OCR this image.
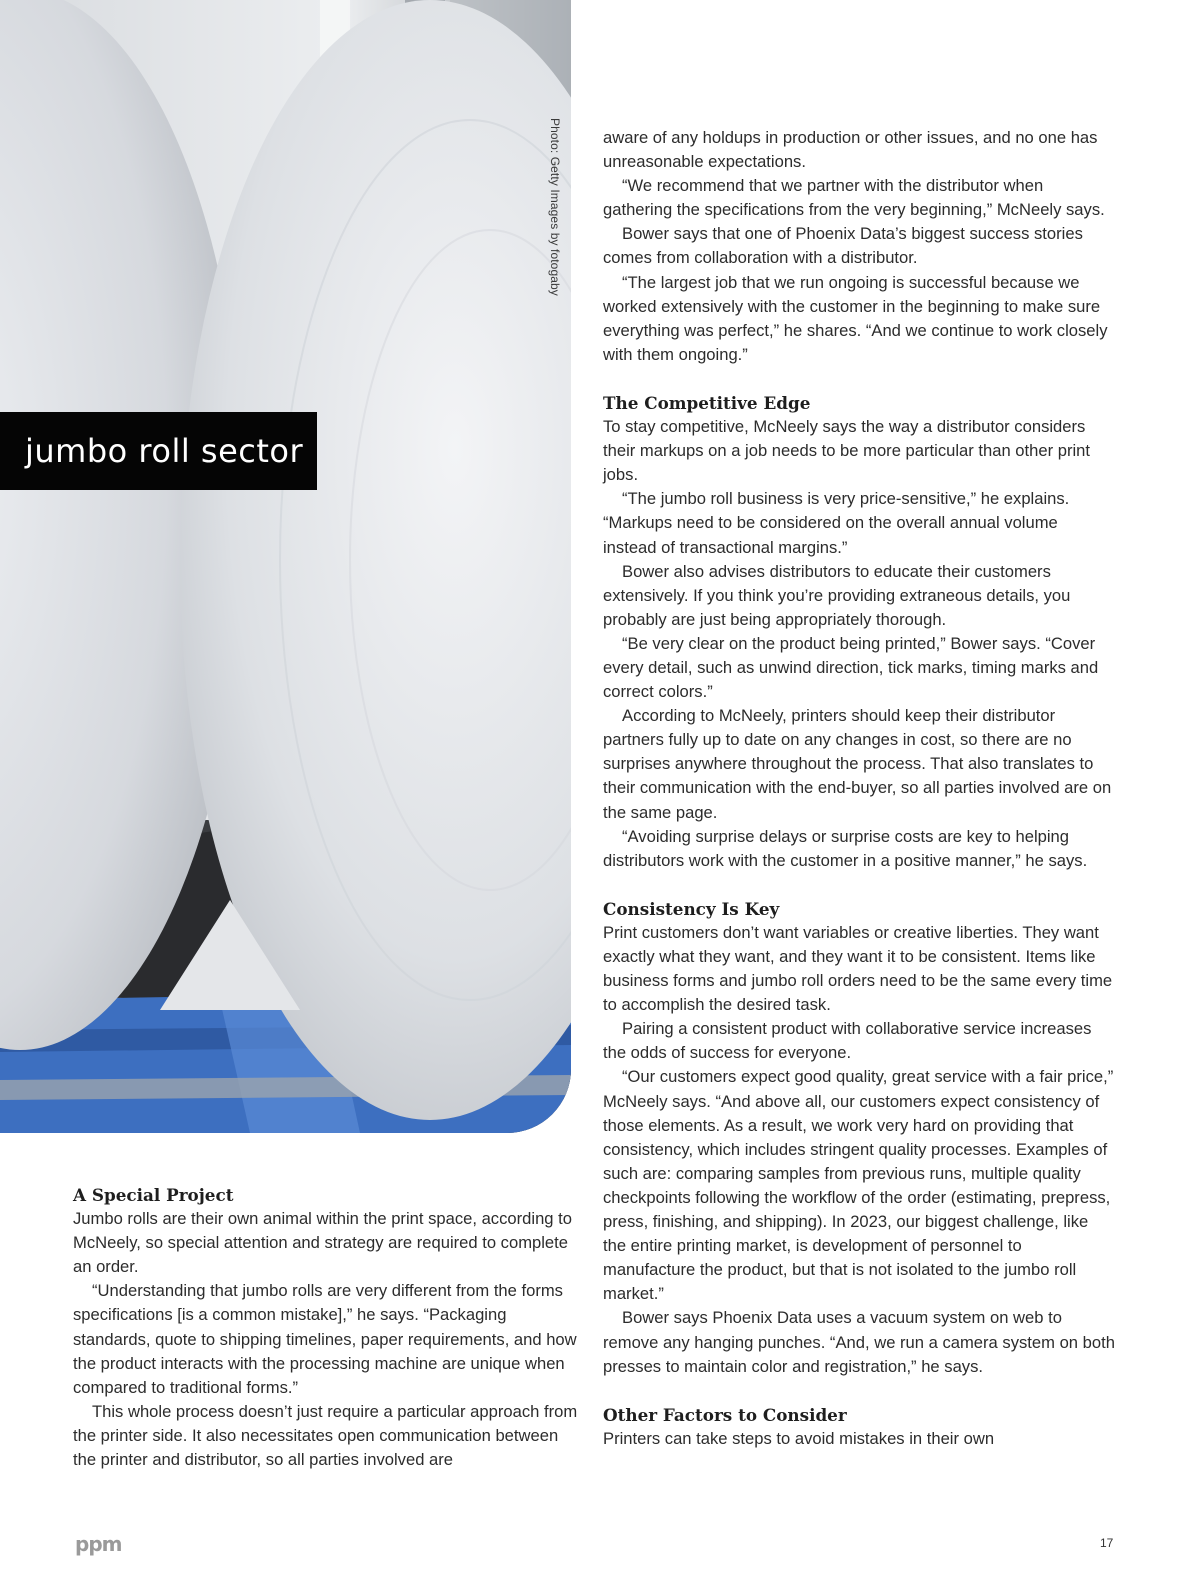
Photo: Getty Images by fotogaby
jumbo roll sector
A Special Project

Jumbo rolls are their own animal within the print space, according to McNeely, so special attention and strategy are required to complete an order.

“Understanding that jumbo rolls are very different from the forms specifications [is a common mistake],” he says. “Packaging standards, quote to shipping timelines, paper requirements, and how the product interacts with the processing machine are unique when compared to traditional forms.”

This whole process doesn’t just require a particular approach from the printer side. It also necessitates open communication between the printer and distributor, so all parties involved are

aware of any holdups in production or other issues, and no one has unreasonable expectations.

“We recommend that we partner with the distributor when gathering the specifications from the very beginning,” McNeely says.

Bower says that one of Phoenix Data’s biggest success stories comes from collaboration with a distributor.

“The largest job that we run ongoing is successful because we worked extensively with the customer in the beginning to make sure everything was perfect,” he shares. “And we continue to work closely with them ongoing.”

The Competitive Edge

To stay competitive, McNeely says the way a distributor considers their markups on a job needs to be more particular than other print jobs.

“The jumbo roll business is very price-sensitive,” he explains. “Markups need to be considered on the overall annual volume instead of transactional margins.”

Bower also advises distributors to educate their customers extensively. If you think you’re providing extraneous details, you probably are just being appropriately thorough.

“Be very clear on the product being printed,” Bower says. “Cover every detail, such as unwind direction, tick marks, timing marks and correct colors.”

According to McNeely, printers should keep their distributor partners fully up to date on any changes in cost, so there are no surprises anywhere throughout the process. That also translates to their communication with the end-buyer, so all parties involved are on the same page.

“Avoiding surprise delays or surprise costs are key to helping distributors work with the customer in a positive manner,” he says.

Consistency Is Key

Print customers don’t want variables or creative liberties. They want exactly what they want, and they want it to be consistent. Items like business forms and jumbo roll orders need to be the same every time to accomplish the desired task.

Pairing a consistent product with collaborative service increases the odds of success for everyone.

“Our customers expect good quality, great service with a fair price,” McNeely says. “And above all, our customers expect consistency of those elements. As a result, we work very hard on providing that consistency, which includes stringent quality processes. Examples of such are: comparing samples from previous runs, multiple quality checkpoints following the workflow of the order (estimating, prepress, press, finishing, and shipping). In 2023, our biggest challenge, like the entire printing market, is development of personnel to manufacture the product, but that is not isolated to the jumbo roll market.”

Bower says Phoenix Data uses a vacuum system on web to remove any hanging punches. “And, we run a camera system on both presses to maintain color and registration,” he says.

Other Factors to Consider

Printers can take steps to avoid mistakes in their own

ppm	17
